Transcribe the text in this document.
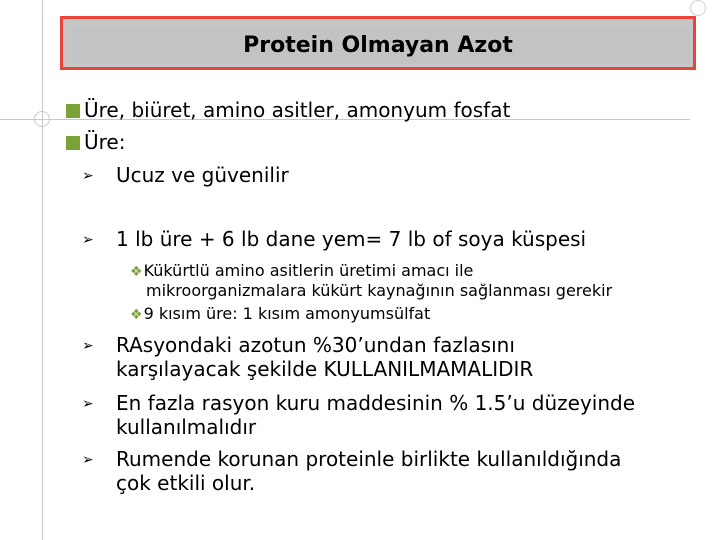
Protein Olmayan Azot
Üre, biüret, amino asitler, amonyum fosfat
Üre:
➢ Ucuz ve güvenilir
➢ 1 lb üre + 6 lb dane yem= 7 lb of soya küspesi
❖Kükürtlü amino asitlerin üretimi amacı ile
mikroorganizmalara kükürt kaynağının sağlanması gerekir
❖9 kısım üre: 1 kısım amonyumsülfat
➢ RAsyondaki azotun %30’undan fazlasını
karşılayacak şekilde KULLANILMAMALIDIR
➢ En fazla rasyon kuru maddesinin % 1.5’u düzeyinde
kullanılmalıdır
➢ Rumende korunan proteinle birlikte kullanıldığında
çok etkili olur.
